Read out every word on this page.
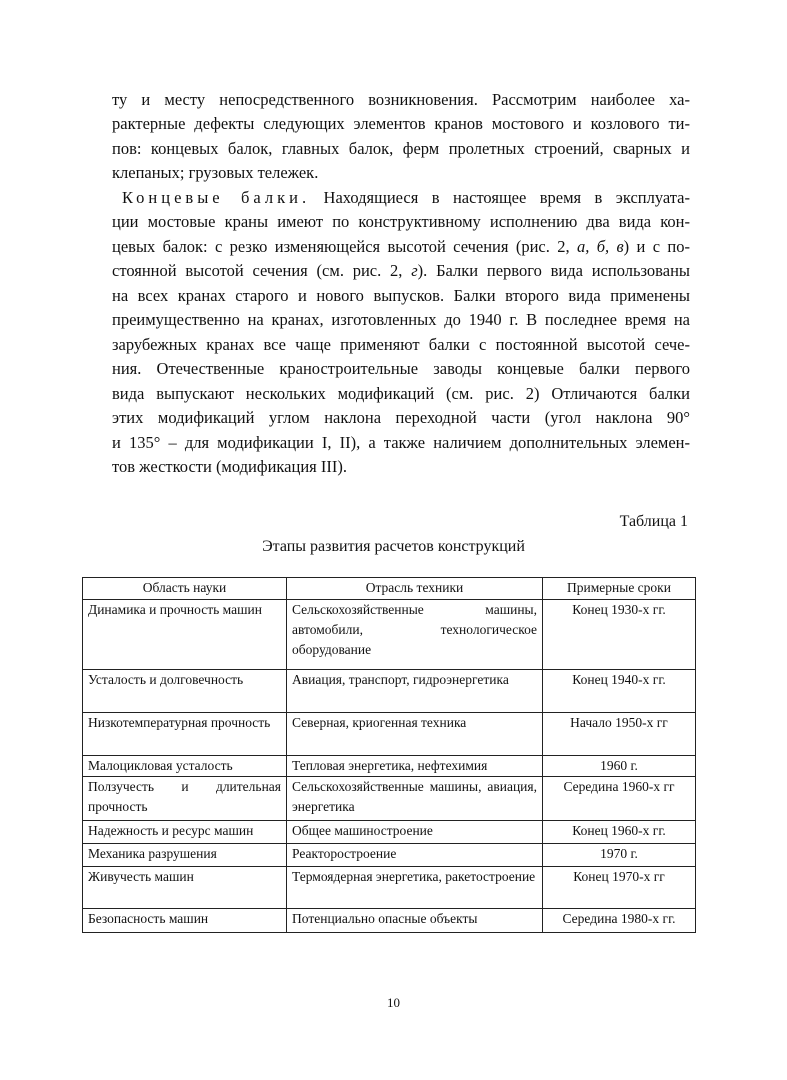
ту и месту непосредственного возникновения. Рассмотрим наиболее ха-
рактерные дефекты следующих элементов кранов мостового и козлового ти-
пов: концевых балок, главных балок, ферм пролетных строений, сварных и
клепаных; грузовых тележек.
Концевые балки. Находящиеся в настоящее время в эксплуата-
ции мостовые краны имеют по конструктивному исполнению два вида кон-
цевых балок: с резко изменяющейся высотой сечения (рис. 2, а, б, в) и с по-
стоянной высотой сечения (см. рис. 2, г). Балки первого вида использованы
на всех кранах старого и нового выпусков. Балки второго вида применены
преимущественно на кранах, изготовленных до 1940 г. В последнее время на
зарубежных кранах все чаще применяют балки с постоянной высотой сече-
ния. Отечественные краностроительные заводы концевые балки первого
вида выпускают нескольких модификаций (см. рис. 2) Отличаются балки
этих модификаций углом наклона переходной части (угол наклона 90°
и 135° – для модификации I, II), а также наличием дополнительных элемен-
тов жесткости (модификация III).
Таблица 1
Этапы развития расчетов конструкций
Область науки	Отрасль техники	Примерные сроки
Динамика и прочность машин	Сельскохозяйственные машины, автомобили, технологическое оборудование	Конец 1930-х гг.
Усталость и долговечность	Авиация, транспорт, гидроэнергетика	Конец 1940-х гг.
Низкотемпературная прочность	Северная, криогенная техника	Начало 1950-х гг
Малоцикловая усталость	Тепловая энергетика, нефтехимия	1960 г.
Ползучесть и длительная прочность	Сельскохозяйственные машины, авиация, энергетика	Середина 1960-х гг
Надежность и ресурс машин	Общее машиностроение	Конец 1960-х гг.
Механика разрушения	Реакторостроение	1970 г.
Живучесть машин	Термоядерная энергетика, ракетостроение	Конец 1970-х гг
Безопасность машин	Потенциально опасные объекты	Середина 1980-х гг.
10
